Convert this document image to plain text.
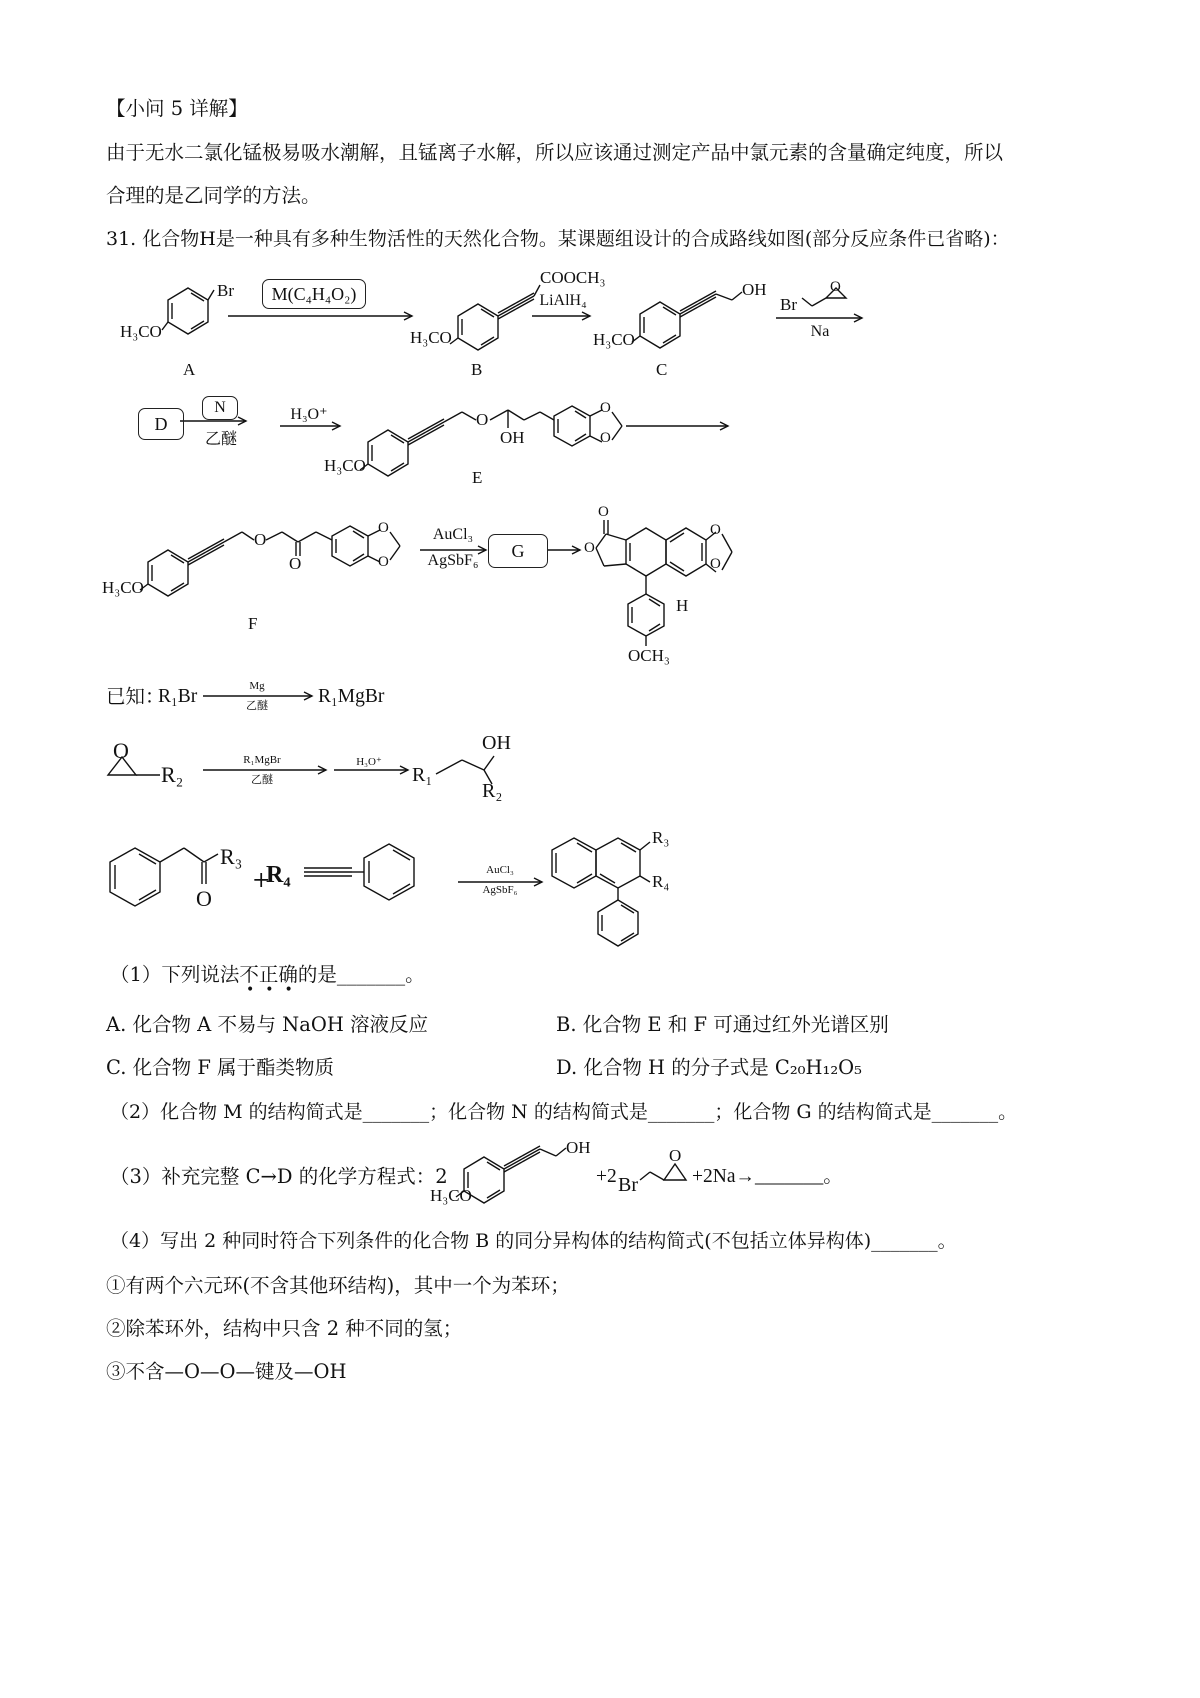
【小问 5 详解】
由于无水二氯化锰极易吸水潮解，且锰离子水解，所以应该通过测定产品中氯元素的含量确定纯度，所以
合理的是乙同学的方法。
31. 化合物H是一种具有多种生物活性的天然化合物。某课题组设计的合成路线如图(部分反应条件已省略)：
Br
H₃CO
A
M(C₄H₄O₂)
COOCH₃
H₃CO
B
LiAlH₄
OH
H₃CO
C
Br
O
Na
D
N
乙醚
H₃O⁺
H₃CO
O
OH
O
O
E
H₃CO
O
O
O
O
F
AuCl₃
AgSbF₆	G
O
O
O
O
H
OCH₃
已知：
R₁Br	Mg
乙醚	R₁MgBr
O
R₂
R₁MgBr
乙醚
H₃O⁺
R₁
OH
R₂
R₃
O
+
R₄	AuCl₃
AgSbF₆
R₃
R₄
（1）下列说法不正确的是_______。
•••
A. 化合物 A 不易与 NaOH 溶液反应	B. 化合物 E 和 F 可通过红外光谱区别
C. 化合物 F 属于酯类物质	D. 化合物 H 的分子式是 C₂₀H₁₂O₅
（2）化合物 M 的结构简式是_______；化合物 N 的结构简式是_______；化合物 G 的结构简式是_______。
（3）补充完整 C→D 的化学方程式：2
OH
H₃CO
+2 Br
O
+2Na→_______。
（4）写出 2 种同时符合下列条件的化合物 B 的同分异构体的结构简式(不包括立体异构体)_______。
①有两个六元环(不含其他环结构)，其中一个为苯环；
②除苯环外，结构中只含 2 种不同的氢；
③不含—O—O—键及—OH
